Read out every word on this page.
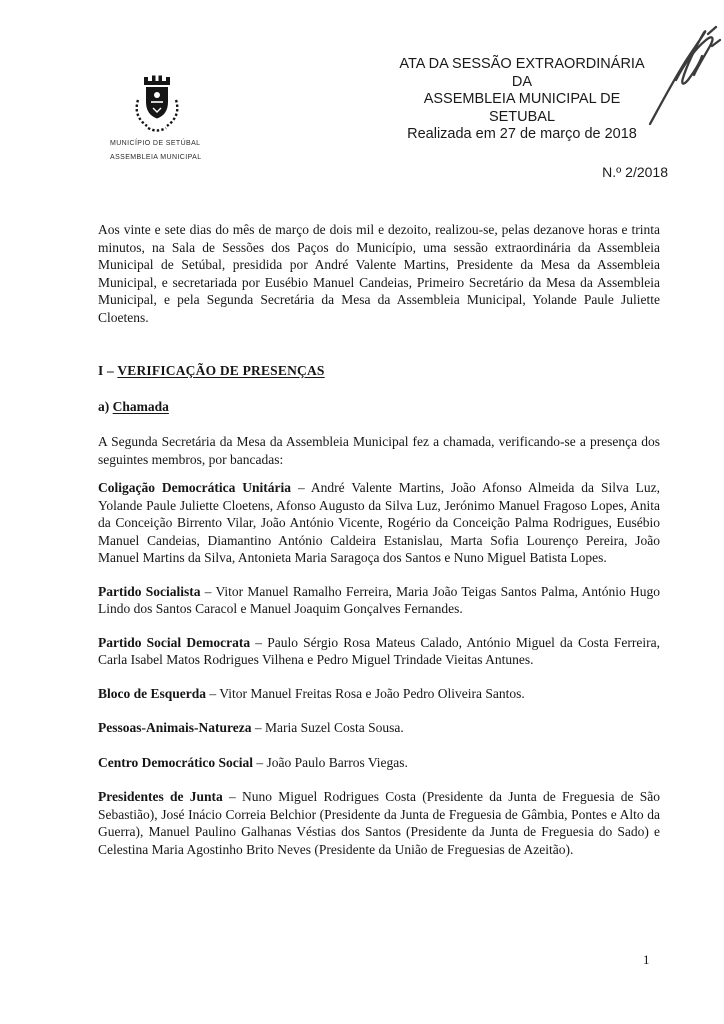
MUNICÍPIO DE SETÚBAL
ASSEMBLEIA MUNICIPAL
ATA DA SESSÃO EXTRAORDINÁRIA
DA
ASSEMBLEIA MUNICIPAL DE
SETUBAL
Realizada em 27 de março de 2018
N.º 2/2018

Aos vinte e sete dias do mês de março de dois mil e dezoito, realizou-se, pelas dezanove horas e trinta minutos, na Sala de Sessões dos Paços do Município, uma sessão extraordinária da Assembleia Municipal de Setúbal, presidida por André Valente Martins, Presidente da Mesa da Assembleia Municipal, e secretariada por Eusébio Manuel Candeias, Primeiro Secretário da Mesa da Assembleia Municipal, e pela Segunda Secretária da Mesa da Assembleia Municipal, Yolande Paule Juliette Cloetens.

I – VERIFICAÇÃO DE PRESENÇAS
a) Chamada

A Segunda Secretária da Mesa da Assembleia Municipal fez a chamada, verificando-se a presença dos seguintes membros, por bancadas:

Coligação Democrática Unitária – André Valente Martins, João Afonso Almeida da Silva Luz, Yolande Paule Juliette Cloetens, Afonso Augusto da Silva Luz, Jerónimo Manuel Fragoso Lopes, Anita da Conceição Birrento Vilar, João António Vicente, Rogério da Conceição Palma Rodrigues, Eusébio Manuel Candeias, Diamantino António Caldeira Estanislau, Marta Sofia Lourenço Pereira, João Manuel Martins da Silva, Antonieta Maria Saragoça dos Santos e Nuno Miguel Batista Lopes.

Partido Socialista – Vitor Manuel Ramalho Ferreira, Maria João Teigas Santos Palma, António Hugo Lindo dos Santos Caracol e Manuel Joaquim Gonçalves Fernandes.

Partido Social Democrata – Paulo Sérgio Rosa Mateus Calado, António Miguel da Costa Ferreira, Carla Isabel Matos Rodrigues Vilhena e Pedro Miguel Trindade Vieitas Antunes.

Bloco de Esquerda – Vitor Manuel Freitas Rosa e João Pedro Oliveira Santos.

Pessoas-Animais-Natureza – Maria Suzel Costa Sousa.

Centro Democrático Social – João Paulo Barros Viegas.

Presidentes de Junta – Nuno Miguel Rodrigues Costa (Presidente da Junta de Freguesia de São Sebastião), José Inácio Correia Belchior (Presidente da Junta de Freguesia de Gâmbia, Pontes e Alto da Guerra), Manuel Paulino Galhanas Véstias dos Santos (Presidente da Junta de Freguesia do Sado) e Celestina Maria Agostinho Brito Neves (Presidente da União de Freguesias de Azeitão).

1
